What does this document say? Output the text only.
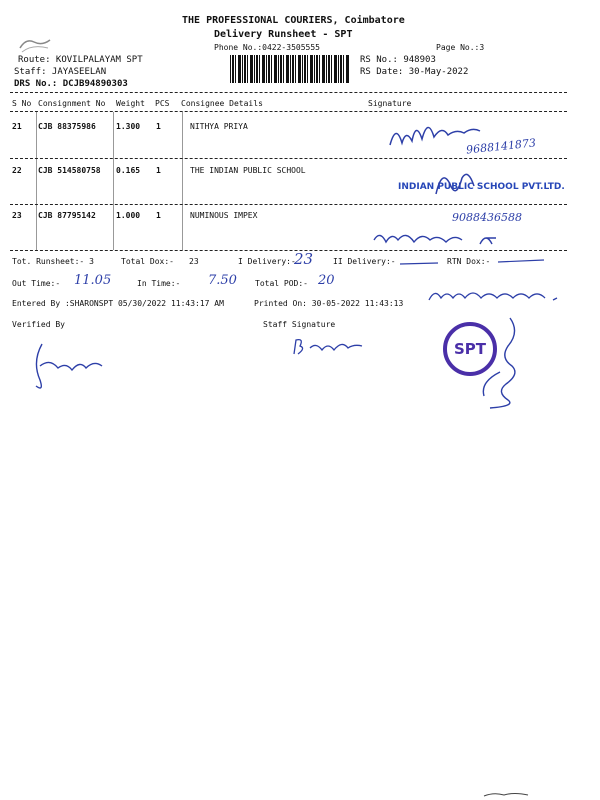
THE PROFESSIONAL COURIERS, Coimbatore
Delivery Runsheet - SPT
Phone No.:0422-3505555	Page No.:3
Route: KOVILPALAYAM SPT
Staff: JAYASEELAN
DRS No.: DCJB94890303
RS No.: 948903
RS Date: 30-May-2022
S No Consignment No Weight PCS Consignee Details	Signature
21 CJB 88375986	1.300 1	NITHYA PRIYA
9688141873
22 CJB 514580758 0.165 1	THE INDIAN PUBLIC SCHOOL
INDIAN PUBLIC SCHOOL PVT.LTD.
23 CJB 87795142	1.000 1	NUMINOUS IMPEX	9088436588
Tot. Runsheet:- 3	Total Dox:- 23	I Delivery:-
23 II Delivery:-	RTN Dox:-
Out Time:- 11.05	In Time:- 7.50 Total POD:- 20
Entered By :SHARONSPT 05/30/2022 11:43:17 AM	Printed On: 30-05-2022 11:43:13
Verified By	Staff Signature
SPT
